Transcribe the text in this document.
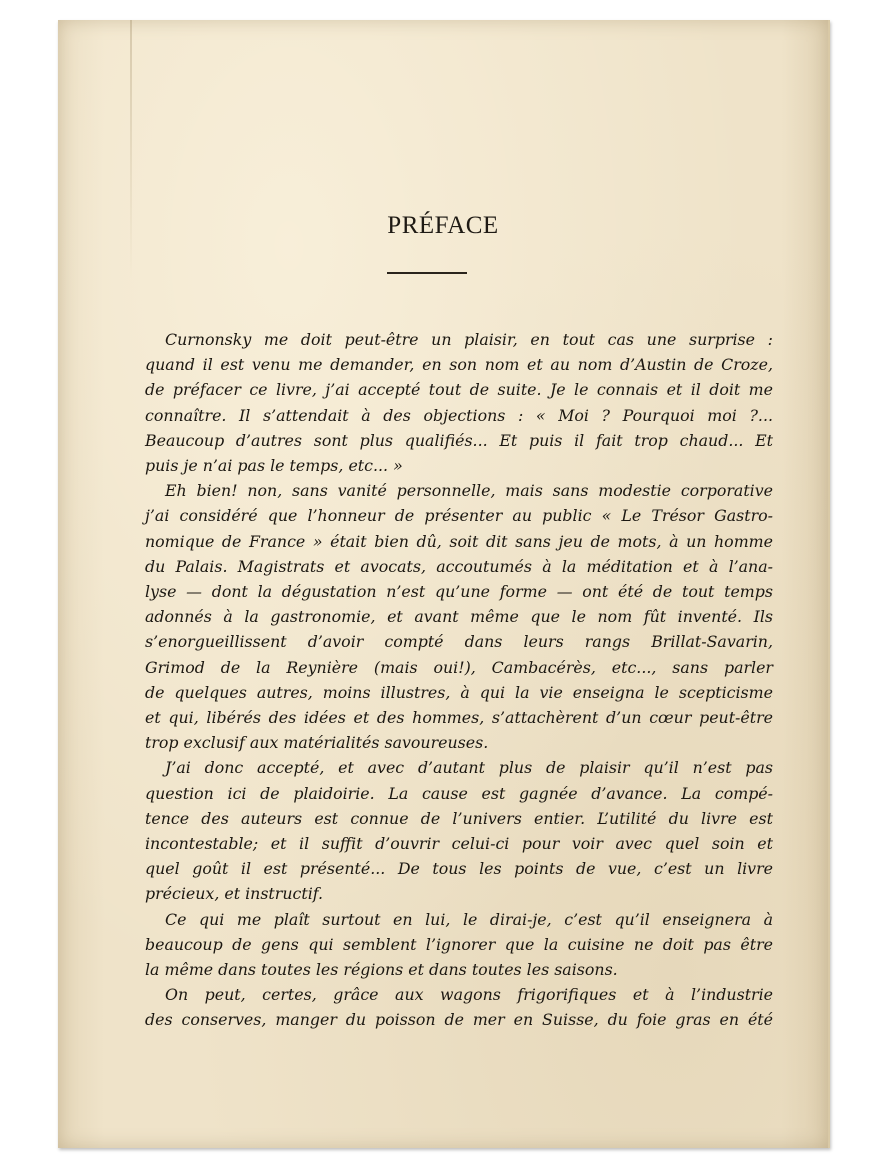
PRÉFACE
Curnonsky me doit peut-être un plaisir, en tout cas une surprise :
quand il est venu me demander, en son nom et au nom d’Austin de Croze,
de préfacer ce livre, j’ai accepté tout de suite. Je le connais et il doit me
connaître. Il s’attendait à des objections : « Moi ? Pourquoi moi ?...
Beaucoup d’autres sont plus qualifiés... Et puis il fait trop chaud... Et
puis je n’ai pas le temps, etc... »
Eh bien! non, sans vanité personnelle, mais sans modestie corporative
j’ai considéré que l’honneur de présenter au public « Le Trésor Gastro-
nomique de France » était bien dû, soit dit sans jeu de mots, à un homme
du Palais. Magistrats et avocats, accoutumés à la méditation et à l’ana-
lyse — dont la dégustation n’est qu’une forme — ont été de tout temps
adonnés à la gastronomie, et avant même que le nom fût inventé. Ils
s’enorgueillissent d’avoir compté dans leurs rangs Brillat-Savarin,
Grimod de la Reynière (mais oui!), Cambacérès, etc..., sans parler
de quelques autres, moins illustres, à qui la vie enseigna le scepticisme
et qui, libérés des idées et des hommes, s’attachèrent d’un cœur peut-être
trop exclusif aux matérialités savoureuses.
J’ai donc accepté, et avec d’autant plus de plaisir qu’il n’est pas
question ici de plaidoirie. La cause est gagnée d’avance. La compé-
tence des auteurs est connue de l’univers entier. L’utilité du livre est
incontestable; et il suffit d’ouvrir celui-ci pour voir avec quel soin et
quel goût il est présenté... De tous les points de vue, c’est un livre
précieux, et instructif.
Ce qui me plaît surtout en lui, le dirai-je, c’est qu’il enseignera à
beaucoup de gens qui semblent l’ignorer que la cuisine ne doit pas être
la même dans toutes les régions et dans toutes les saisons.
On peut, certes, grâce aux wagons frigorifiques et à l’industrie
des conserves, manger du poisson de mer en Suisse, du foie gras en été
